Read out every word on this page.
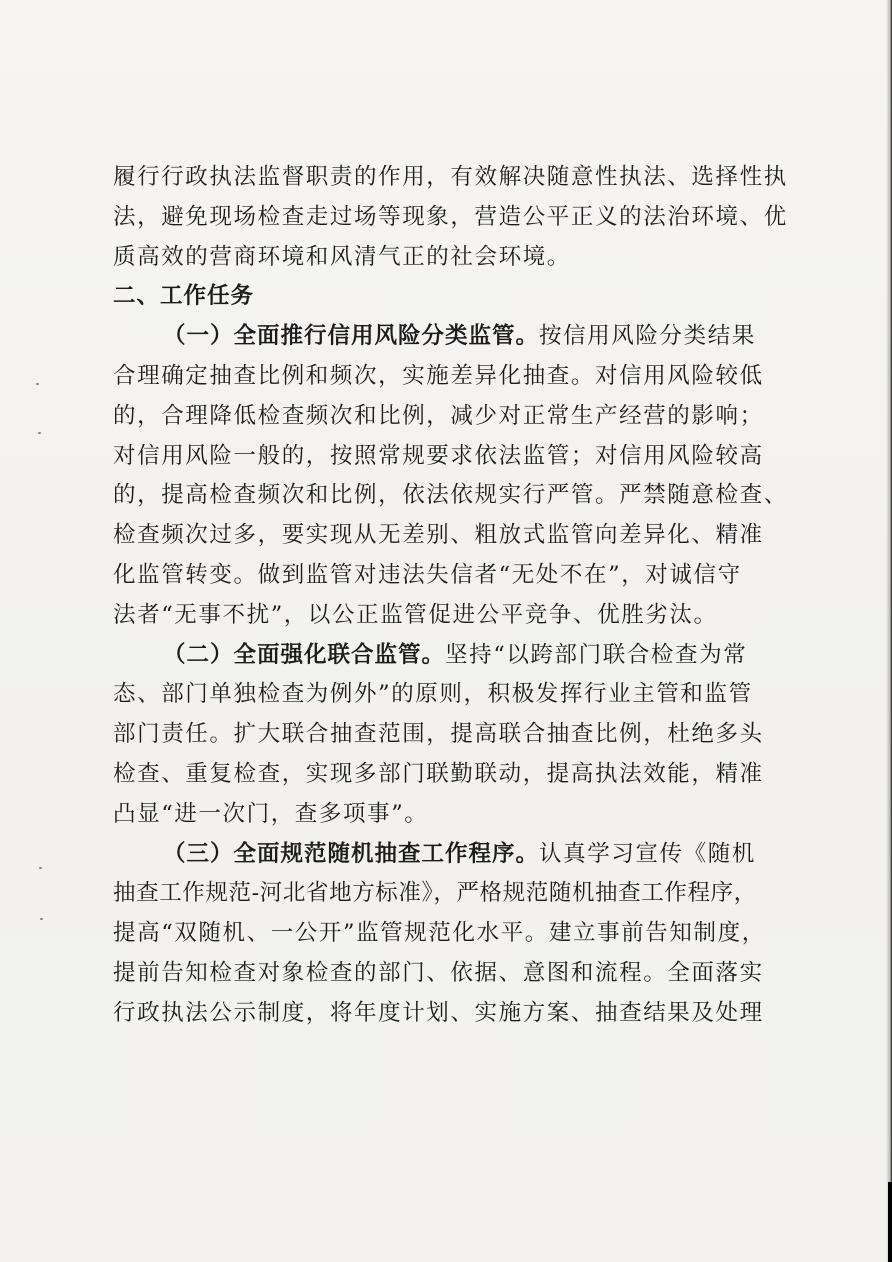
履行行政执法监督职责的作用，有效解决随意性执法、选择性执
法，避免现场检查走过场等现象，营造公平正义的法治环境、优
质高效的营商环境和风清气正的社会环境。
二、工作任务
（一）全面推行信用风险分类监管。按信用风险分类结果
合理确定抽查比例和频次，实施差异化抽查。对信用风险较低
的，合理降低检查频次和比例，减少对正常生产经营的影响；
对信用风险一般的，按照常规要求依法监管；对信用风险较高
的，提高检查频次和比例，依法依规实行严管。严禁随意检查、
检查频次过多，要实现从无差别、粗放式监管向差异化、精准
化监管转变。做到监管对违法失信者“无处不在”，对诚信守
法者“无事不扰”，以公正监管促进公平竞争、优胜劣汰。
（二）全面强化联合监管。坚持“以跨部门联合检查为常
态、部门单独检查为例外”的原则，积极发挥行业主管和监管
部门责任。扩大联合抽查范围，提高联合抽查比例，杜绝多头
检查、重复检查，实现多部门联勤联动，提高执法效能，精准
凸显“进一次门，查多项事”。
（三）全面规范随机抽查工作程序。认真学习宣传《随机
抽查工作规范-河北省地方标准》，严格规范随机抽查工作程序，
提高“双随机、一公开”监管规范化水平。建立事前告知制度，
提前告知检查对象检查的部门、依据、意图和流程。全面落实
行政执法公示制度，将年度计划、实施方案、抽查结果及处理
